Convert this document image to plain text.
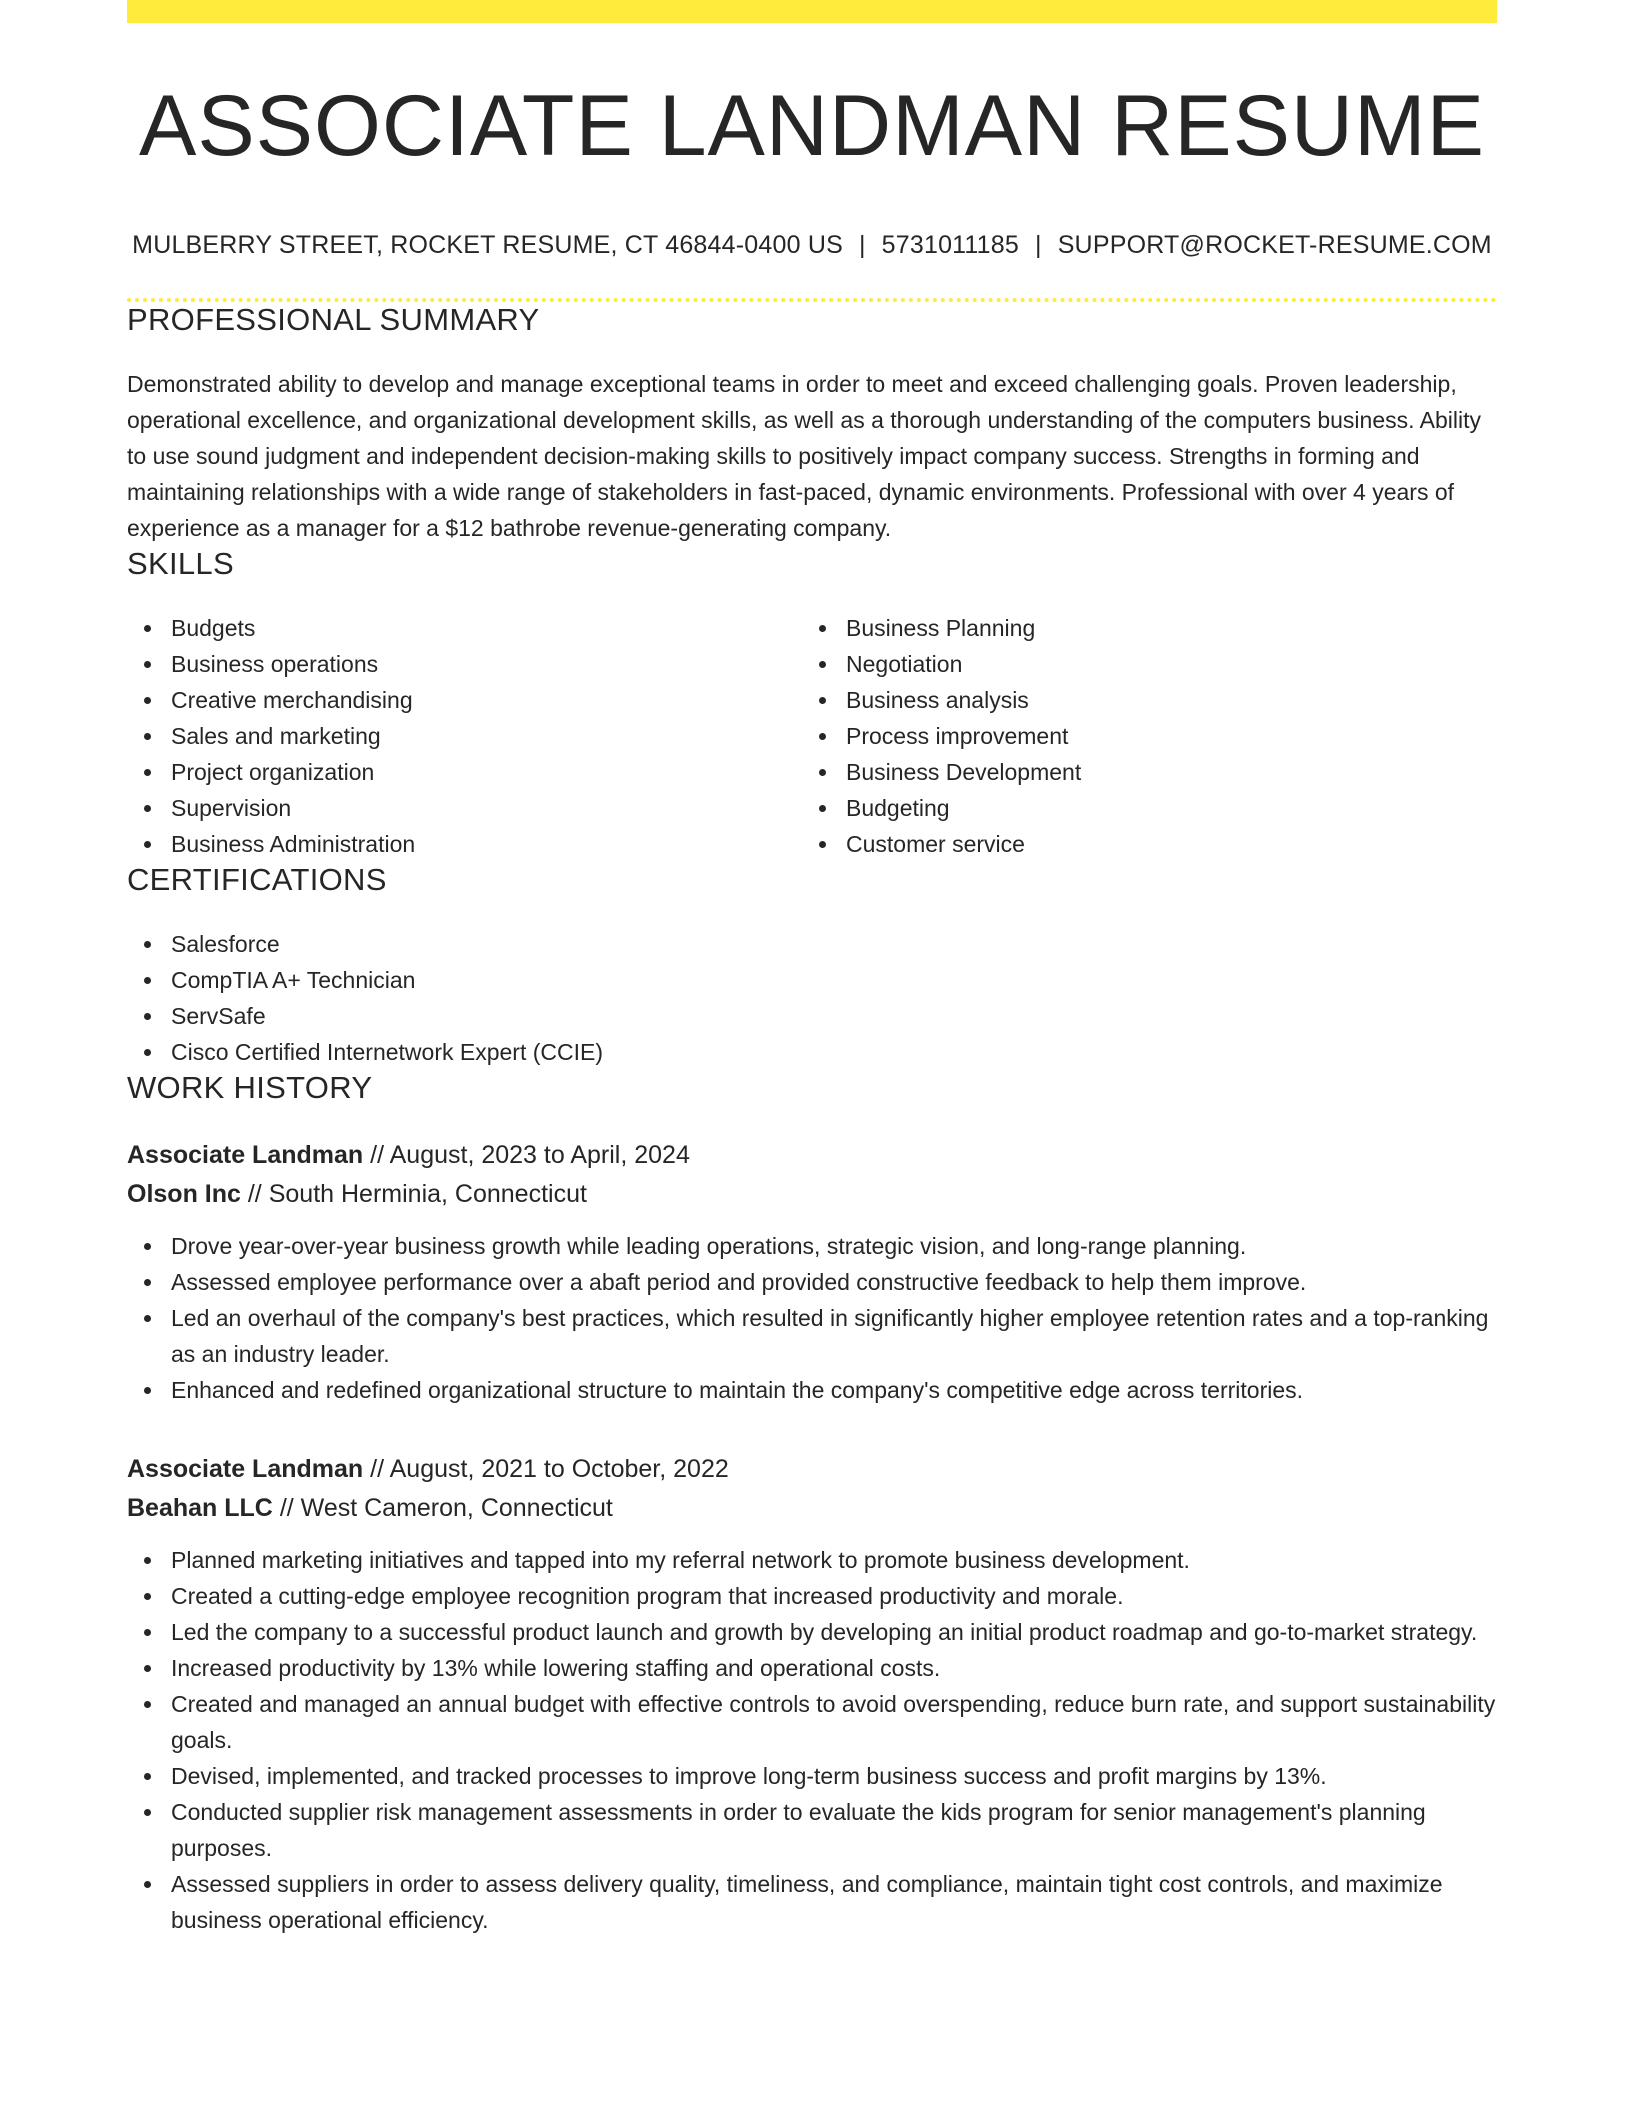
ASSOCIATE LANDMAN RESUME
MULBERRY STREET, ROCKET RESUME, CT 46844-0400 US | 5731011185 | SUPPORT@ROCKET-RESUME.COM
PROFESSIONAL SUMMARY

Demonstrated ability to develop and manage exceptional teams in order to meet and exceed challenging goals. Proven leadership, operational excellence, and organizational development skills, as well as a thorough understanding of the computers business. Ability to use sound judgment and independent decision-making skills to positively impact company success. Strengths in forming and maintaining relationships with a wide range of stakeholders in fast-paced, dynamic environments. Professional with over 4 years of experience as a manager for a $12 bathrobe revenue-generating company.

SKILLS
Budgets
Business operations
Creative merchandising
Sales and marketing
Project organization
Supervision
Business Administration
Business Planning
Negotiation
Business analysis
Process improvement
Business Development
Budgeting
Customer service
CERTIFICATIONS
Salesforce
CompTIA A+ Technician
ServSafe
Cisco Certified Internetwork Expert (CCIE)
WORK HISTORY
Associate Landman // August, 2023 to April, 2024
Olson Inc // South Herminia, Connecticut
Drove year-over-year business growth while leading operations, strategic vision, and long-range planning.
Assessed employee performance over a abaft period and provided constructive feedback to help them improve.
Led an overhaul of the company's best practices, which resulted in significantly higher employee retention rates and a top-ranking as an industry leader.
Enhanced and redefined organizational structure to maintain the company's competitive edge across territories.
Associate Landman // August, 2021 to October, 2022
Beahan LLC // West Cameron, Connecticut
Planned marketing initiatives and tapped into my referral network to promote business development.
Created a cutting-edge employee recognition program that increased productivity and morale.
Led the company to a successful product launch and growth by developing an initial product roadmap and go-to-market strategy.
Increased productivity by 13% while lowering staffing and operational costs.
Created and managed an annual budget with effective controls to avoid overspending, reduce burn rate, and support sustainability goals.
Devised, implemented, and tracked processes to improve long-term business success and profit margins by 13%.
Conducted supplier risk management assessments in order to evaluate the kids program for senior management's planning purposes.
Assessed suppliers in order to assess delivery quality, timeliness, and compliance, maintain tight cost controls, and maximize business operational efficiency.
